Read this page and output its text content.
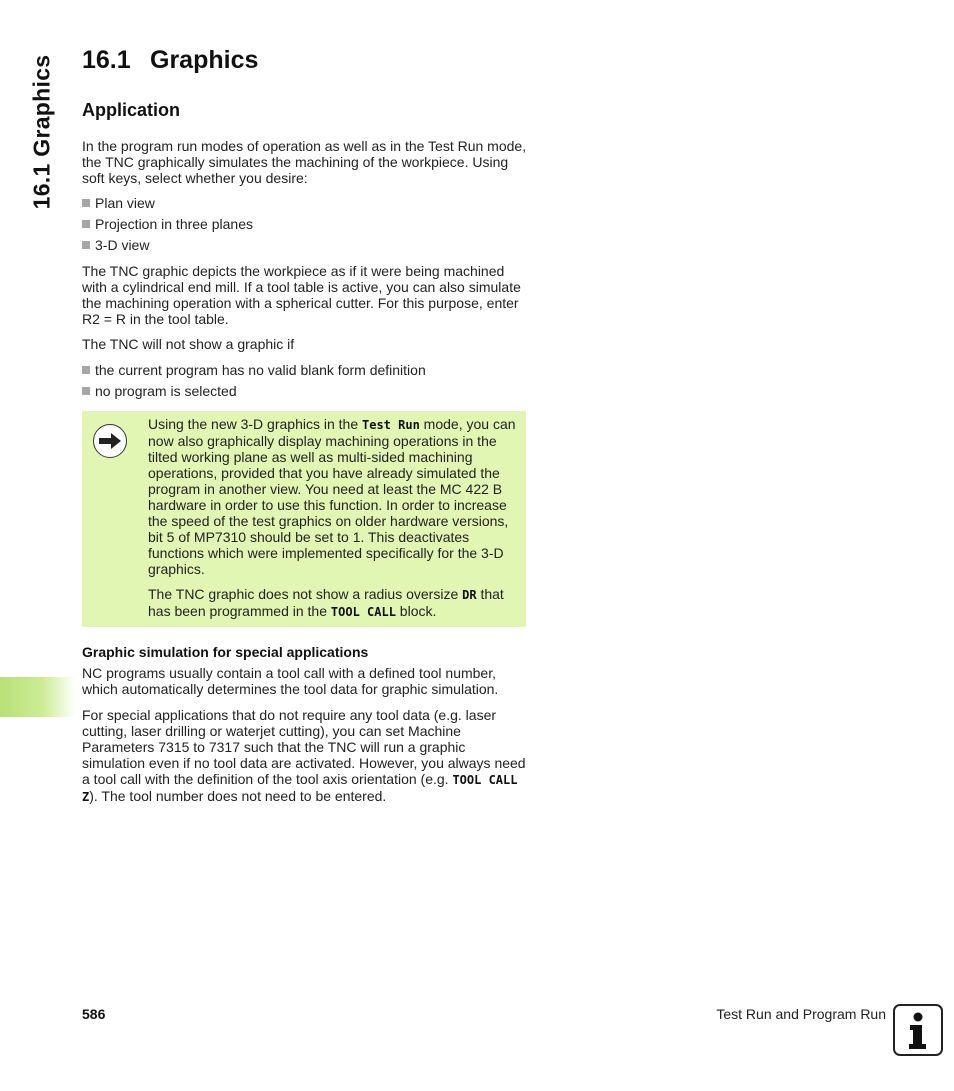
16.1 Graphics 16.1 Graphics
Application

In the program run modes of operation as well as in the Test Run mode, the TNC graphically simulates the machining of the workpiece. Using soft keys, select whether you desire:

Plan view

Projection in three planes

3-D view

The TNC graphic depicts the workpiece as if it were being machined with a cylindrical end mill. If a tool table is active, you can also simulate the machining operation with a spherical cutter. For this purpose, enter R2 = R in the tool table.

The TNC will not show a graphic if

the current program has no valid blank form definition

no program is selected

Using the new 3-D graphics in the Test Run mode, you can now also graphically display machining operations in the tilted working plane as well as multi-sided machining operations, provided that you have already simulated the program in another view. You need at least the MC 422 B hardware in order to use this function. In order to increase the speed of the test graphics on older hardware versions, bit 5 of MP7310 should be set to 1. This deactivates functions which were implemented specifically for the 3-D graphics.

The TNC graphic does not show a radius oversize DR that has been programmed in the TOOL CALL block.

Graphic simulation for special applications

NC programs usually contain a tool call with a defined tool number, which automatically determines the tool data for graphic simulation.

For special applications that do not require any tool data (e.g. laser cutting, laser drilling or waterjet cutting), you can set Machine Parameters 7315 to 7317 such that the TNC will run a graphic simulation even if no tool data are activated. However, you always need a tool call with the definition of the tool axis orientation (e.g. TOOL CALL Z). The tool number does not need to be entered.

586	Test Run and Program Run
